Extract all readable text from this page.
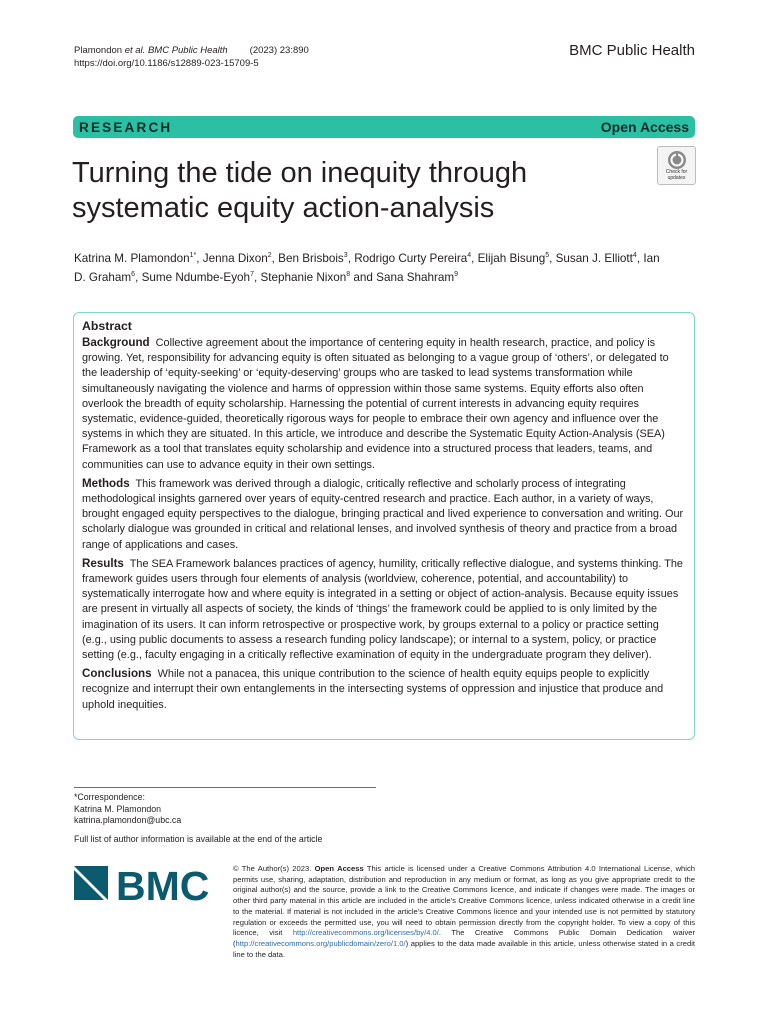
Plamondon et al. BMC Public Health (2023) 23:890
https://doi.org/10.1186/s12889-023-15709-5
BMC Public Health
RESEARCH	Open Access
Turning the tide on inequity through systematic equity action-analysis
Check for
updates
Katrina M. Plamondon$^{1*}$, Jenna Dixon$^2$, Ben Brisbois$^3$, Rodrigo Curty Pereira$^4$, Elijah Bisung$^5$, Susan J. Elliott$^4$, Ian D. Graham$^6$, Sume Ndumbe-Eyoh$^7$, Stephanie Nixon$^8$ and Sana Shahram$^9$
Abstract

Background Collective agreement about the importance of centering equity in health research, practice, and policy is growing. Yet, responsibility for advancing equity is often situated as belonging to a vague group of ‘others’, or delegated to the leadership of ‘equity-seeking’ or ‘equity-deserving’ groups who are tasked to lead systems transformation while simultaneously navigating the violence and harms of oppression within those same systems. Equity efforts also often overlook the breadth of equity scholarship. Harnessing the potential of current interests in advancing equity requires systematic, evidence-guided, theoretically rigorous ways for people to embrace their own agency and influence over the systems in which they are situated. In this article, we introduce and describe the Systematic Equity Action-Analysis (SEA) Framework as a tool that translates equity scholarship and evidence into a structured process that leaders, teams, and communities can use to advance equity in their own settings.

Methods This framework was derived through a dialogic, critically reflective and scholarly process of integrating methodological insights garnered over years of equity-centred research and practice. Each author, in a variety of ways, brought engaged equity perspectives to the dialogue, bringing practical and lived experience to conversation and writing. Our scholarly dialogue was grounded in critical and relational lenses, and involved synthesis of theory and practice from a broad range of applications and cases.

Results The SEA Framework balances practices of agency, humility, critically reflective dialogue, and systems thinking. The framework guides users through four elements of analysis (worldview, coherence, potential, and accountability) to systematically interrogate how and where equity is integrated in a setting or object of action-analysis. Because equity issues are present in virtually all aspects of society, the kinds of ‘things’ the framework could be applied to is only limited by the imagination of its users. It can inform retrospective or prospective work, by groups external to a policy or practice setting (e.g., using public documents to assess a research funding policy landscape); or internal to a system, policy, or practice setting (e.g., faculty engaging in a critically reflective examination of equity in the undergraduate program they deliver).

Conclusions While not a panacea, this unique contribution to the science of health equity equips people to explicitly recognize and interrupt their own entanglements in the intersecting systems of oppression and injustice that produce and uphold inequities.

*Correspondence:
Katrina M. Plamondon
katrina.plamondon@ubc.ca
Full list of author information is available at the end of the article
BMC	© The Author(s) 2023. Open Access This article is licensed under a Creative Commons Attribution 4.0 International License, which permits use, sharing, adaptation, distribution and reproduction in any medium or format, as long as you give appropriate credit to the original author(s) and the source, provide a link to the Creative Commons licence, and indicate if changes were made. The images or other third party material in this article are included in the article’s Creative Commons licence, unless indicated otherwise in a credit line to the material. If material is not included in the article’s Creative Commons licence and your intended use is not permitted by statutory regulation or exceeds the permitted use, you will need to obtain permission directly from the copyright holder. To view a copy of this licence, visit http://creativecommons.org/licenses/by/4.0/. The Creative Commons Public Domain Dedication waiver (http://creativecommons.org/publicdomain/zero/1.0/) applies to the data made available in this article, unless otherwise stated in a credit line to the data.
